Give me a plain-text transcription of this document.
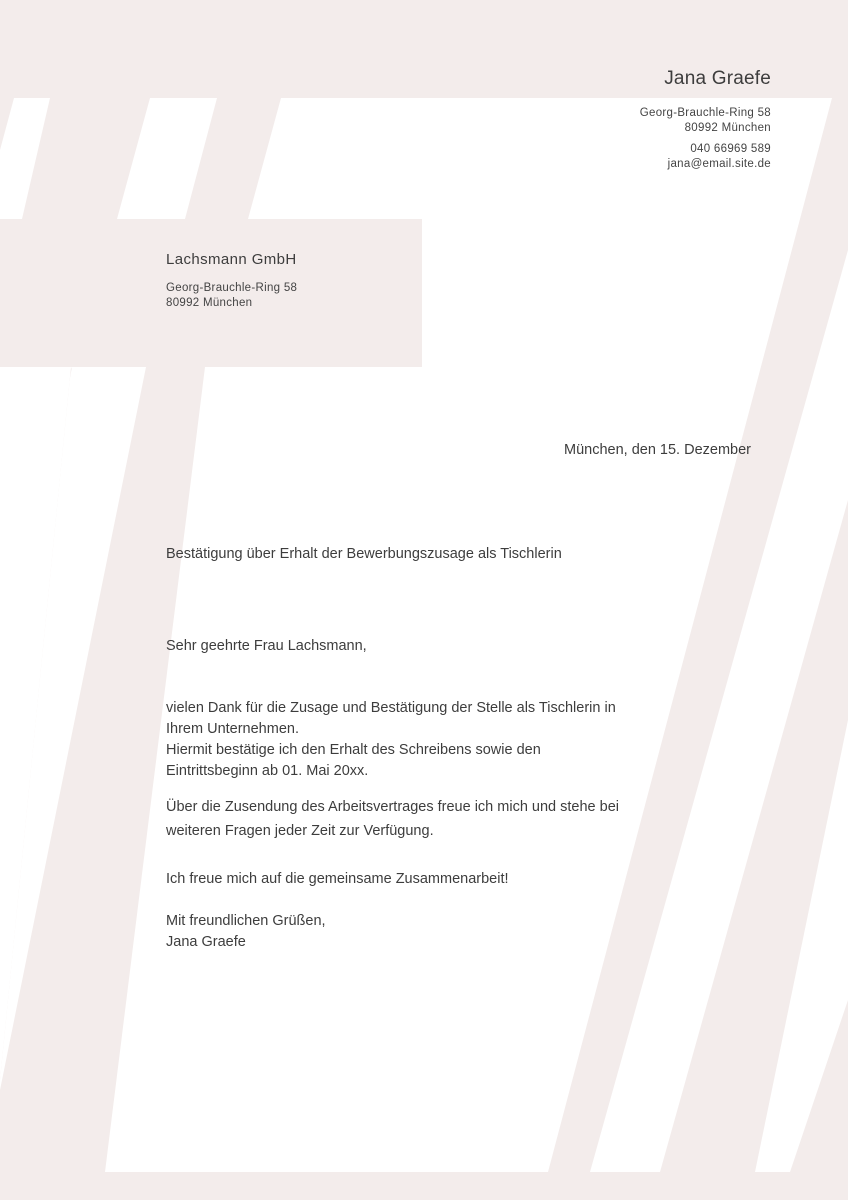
Jana Graefe
Georg-Brauchle-Ring 58
80992 München
040 66969 589
jana@email.site.de
Lachsmann GmbH
Georg-Brauchle-Ring 58
80992 München
München, den 15. Dezember
Bestätigung über Erhalt der Bewerbungszusage als Tischlerin
Sehr geehrte Frau Lachsmann,
vielen Dank für die Zusage und Bestätigung der Stelle als Tischlerin in
Ihrem Unternehmen.
Hiermit bestätige ich den Erhalt des Schreibens sowie den
Eintrittsbeginn ab 01. Mai 20xx.
Über die Zusendung des Arbeitsvertrages freue ich mich und stehe bei
weiteren Fragen jeder Zeit zur Verfügung.
Ich freue mich auf die gemeinsame Zusammenarbeit!
Mit freundlichen Grüßen,
Jana Graefe
